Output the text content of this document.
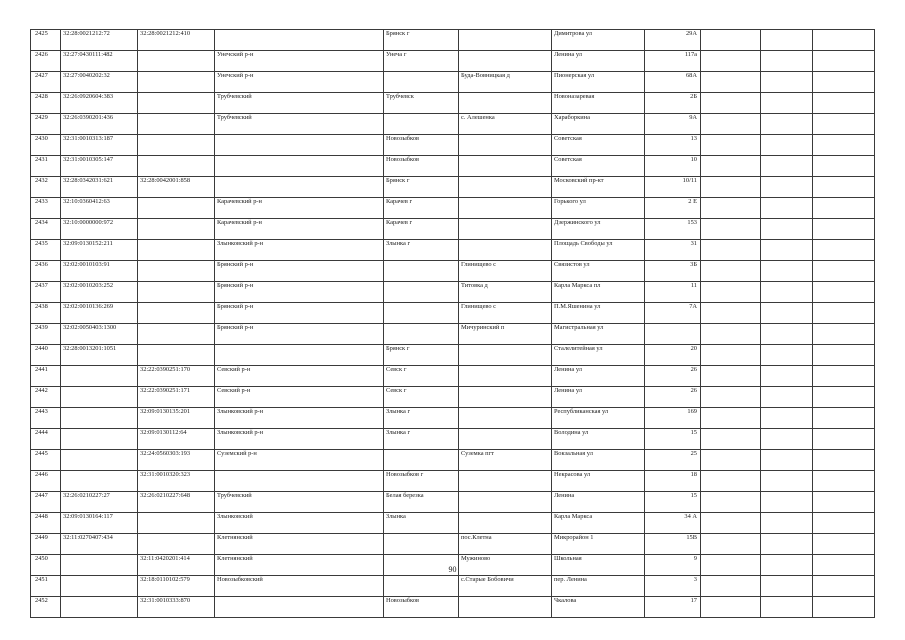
2425	32:28:0021212:72	32:28:0021212:410		Брянск г		Димитрова ул	29А			
2426	32:27:0430111:482		Унечский р-н	Унеча г		Ленина ул	117а			
2427	32:27:0040202:32		Унечский р-н		Буда-Вовницкая д	Пионерская ул	68А			
2428	32:26:0920604:383		Трубчевский	Трубчевск		Новоназаревая	2Б			
2429	32:26:0390201:436		Трубчевский		с. Алешенка	Хараборкина	9А			
2430	32:31:0010313:187			Новозыбков		Советская	13			
2431	32:31:0010305:147			Новозыбков		Советская	10			
2432	32:28:0342031:621	32:28:0042001:858		Брянск г		Московский пр-кт	10/11			
2433	32:10:0360412:63		Карачевский р-н	Карачев г		Горького ул	2 Е			
2434	32:10:0000000:972		Карачевский р-н	Карачев г		Дзержинского ул	153			
2435	32:09:0130152:211		Злынковский р-н	Злынка г		Площадь Свободы ул	31			
2436	32:02:0010103:91		Брянский р-н		Глинищево с	Связистов ул	3Б			
2437	32:02:0010203:252		Брянский р-н		Титовка д	Карла Маркса пл	11			
2438	32:02:0010136:269		Брянский р-н		Глинищево с	П.М.Яшенина ул	7А			
2439	32:02:0050403:1300		Брянский р-н		Мичуринский п	Магистральная ул				
2440	32:28:0013201:1051			Брянск г		Сталелитейная ул	20			
2441		32:22:0390251:170	Севский р-н	Севск г		Ленина ул	26			
2442		32:22:0390251:171	Севский р-н	Севск г		Ленина ул	26			
2443		32:09:0130135:201	Злынковский р-н	Злынка г		Республиканская ул	169			
2444		32:09:0130112:64	Злынковский р-н	Злынка г		Володина ул	15			
2445		32:24:0560303:193	Суземский р-н		Суземка пгт	Вокзальная ул	25			
2446		32:31:0010320:323		Новозыбков г		Некрасова ул	18			
2447	32:26:0210227:27	32:26:0210227:648	Трубчевский	Белая березка		Ленина	15			
2448	32:09:0130164:117		Злынковский	Злынка		Карла Маркса	34 А			
2449	32:11:0270407:434		Клетнянский		пос.Клетна	Микрорайон 1	15В			
2450		32:11:0420201:414	Клетнянский		Мужиново	Школьная	9			
2451		32:18:0110102:579	Новозыбковский		с.Старые Бобовичи	пер. Ленина	3			
2452		32:31:0010333:870		Новозыбков		Чкалова	17			
90
